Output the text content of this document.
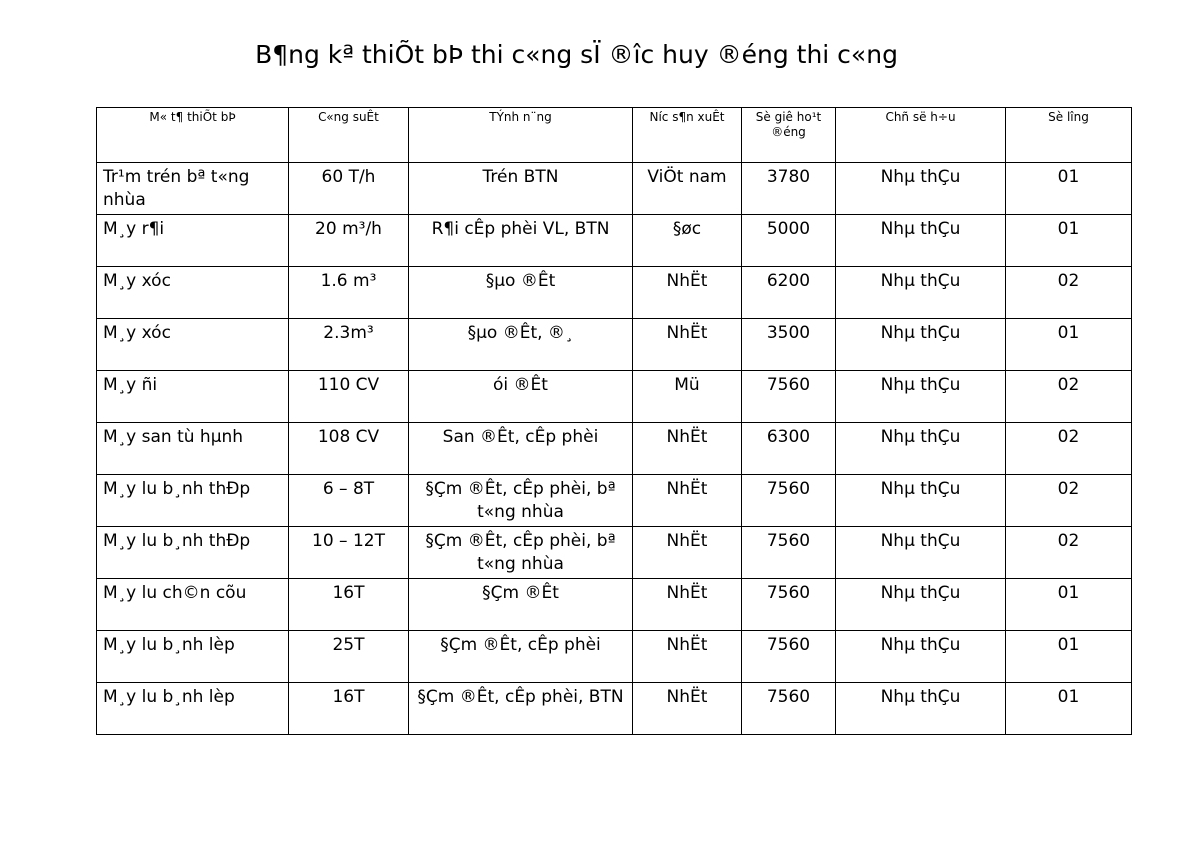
B¶ng kª thiÕt bÞ thi c«ng sÏ ®îc huy ®éng thi c«ng
M« t¶ thiÕt bÞ	C«ng suÊt	TÝnh n¨ng	Níc s¶n xuÊt	Sè giê ho¹t ®éng	Chñ së h÷u	Sè lîng
Tr¹m trén bª t«ng nhùa	60 T/h	Trén BTN	ViÖt nam	3780	Nhµ thÇu	01
M¸y r¶i	20 m³/h	R¶i cÊp phèi VL, BTN	§øc	5000	Nhµ thÇu	01
M¸y xóc	1.6 m³	§µo ®Êt	NhËt	6200	Nhµ thÇu	02
M¸y xóc	2.3m³	§µo ®Êt, ®¸	NhËt	3500	Nhµ thÇu	01
M¸y ñi	110 CV	ói ®Êt	Mü	7560	Nhµ thÇu	02
M¸y san tù hµnh	108 CV	San ®Êt, cÊp phèi	NhËt	6300	Nhµ thÇu	02
M¸y lu b¸nh thÐp	6 – 8T	§Çm ®Êt, cÊp phèi, bª t«ng nhùa	NhËt	7560	Nhµ thÇu	02
M¸y lu b¸nh thÐp	10 – 12T	§Çm ®Êt, cÊp phèi, bª t«ng nhùa	NhËt	7560	Nhµ thÇu	02
M¸y lu ch©n cõu	16T	§Çm ®Êt	NhËt	7560	Nhµ thÇu	01
M¸y lu b¸nh lèp	25T	§Çm ®Êt, cÊp phèi	NhËt	7560	Nhµ thÇu	01
M¸y lu b¸nh lèp	16T	§Çm ®Êt, cÊp phèi, BTN	NhËt	7560	Nhµ thÇu	01
